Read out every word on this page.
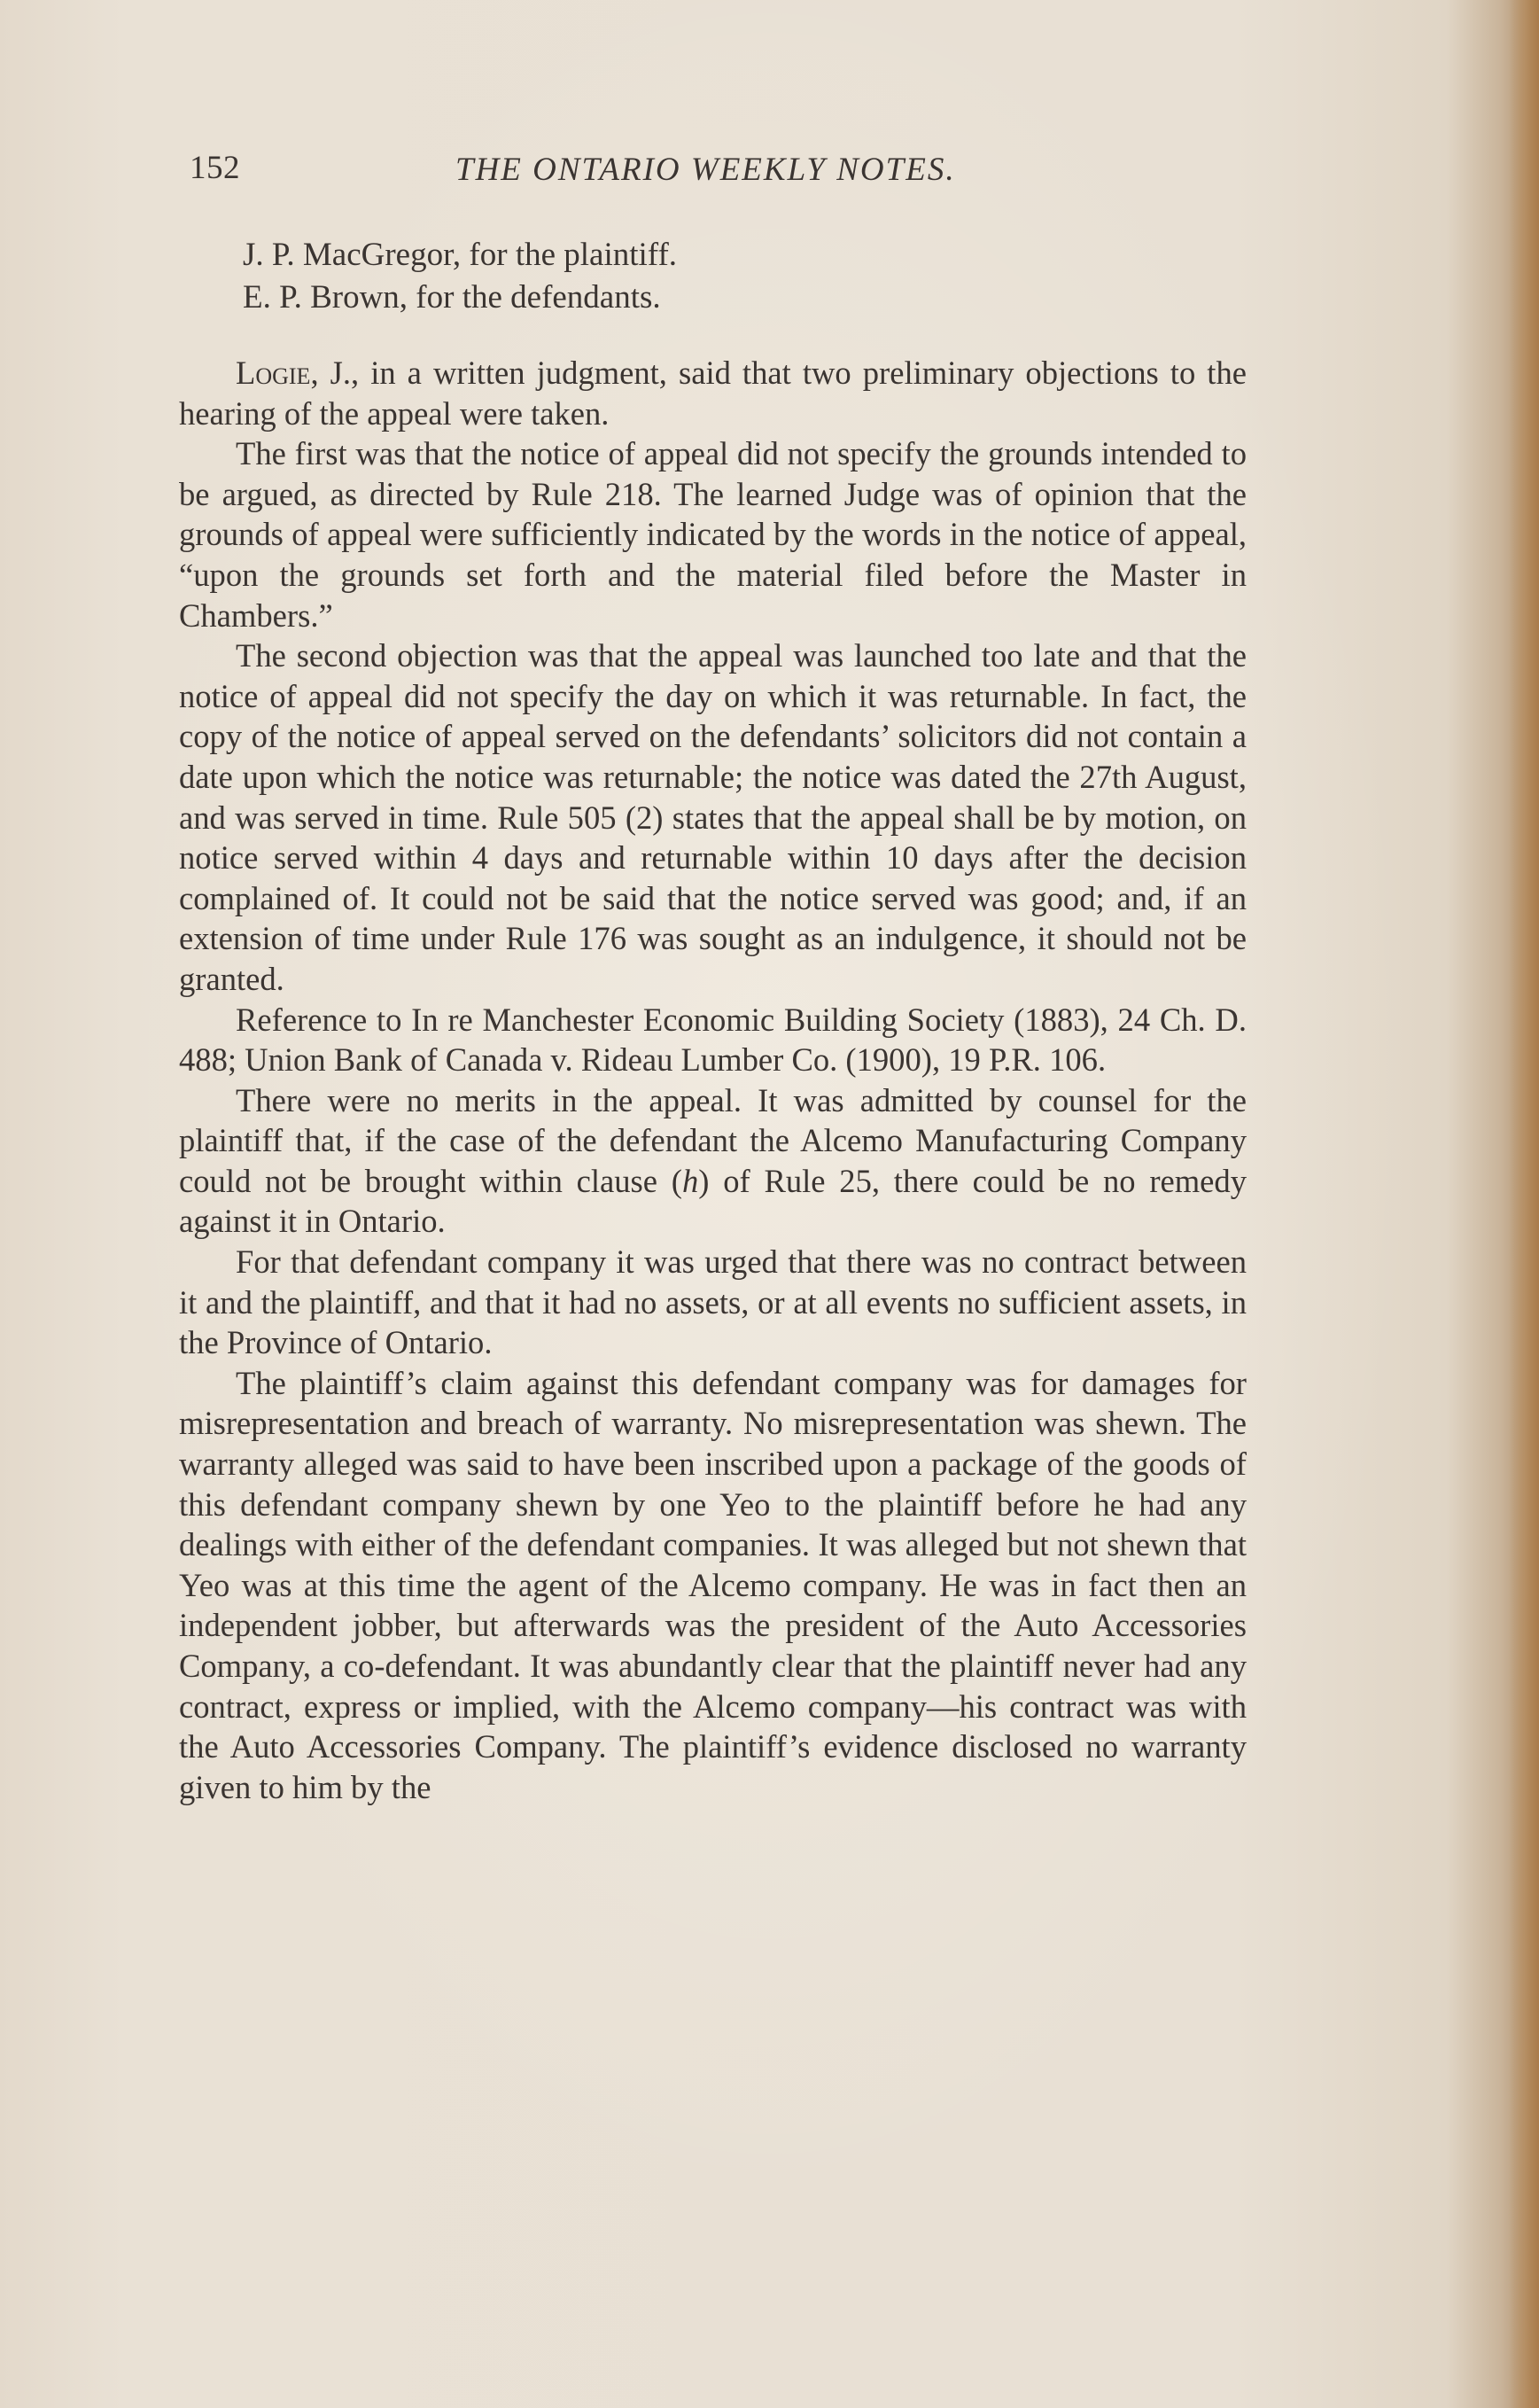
152	THE ONTARIO WEEKLY NOTES.
J. P. MacGregor, for the plaintiff.
E. P. Brown, for the defendants.

Logie, J., in a written judgment, said that two preliminary objections to the hearing of the appeal were taken.

The first was that the notice of appeal did not specify the grounds intended to be argued, as directed by Rule 218. The learned Judge was of opinion that the grounds of appeal were sufficiently indicated by the words in the notice of appeal, “upon the grounds set forth and the material filed before the Master in Chambers.”

The second objection was that the appeal was launched too late and that the notice of appeal did not specify the day on which it was returnable. In fact, the copy of the notice of appeal served on the defendants’ solicitors did not contain a date upon which the notice was returnable; the notice was dated the 27th August, and was served in time. Rule 505 (2) states that the appeal shall be by motion, on notice served within 4 days and returnable within 10 days after the decision complained of. It could not be said that the notice served was good; and, if an extension of time under Rule 176 was sought as an indulgence, it should not be granted.

Reference to In re Manchester Economic Building Society (1883), 24 Ch. D. 488; Union Bank of Canada v. Rideau Lumber Co. (1900), 19 P.R. 106.

There were no merits in the appeal. It was admitted by counsel for the plaintiff that, if the case of the defendant the Alcemo Manufacturing Company could not be brought within clause (h) of Rule 25, there could be no remedy against it in Ontario.

For that defendant company it was urged that there was no contract between it and the plaintiff, and that it had no assets, or at all events no sufficient assets, in the Province of Ontario.

The plaintiff’s claim against this defendant company was for damages for misrepresentation and breach of warranty. No misrepresentation was shewn. The warranty alleged was said to have been inscribed upon a package of the goods of this defendant company shewn by one Yeo to the plaintiff before he had any dealings with either of the defendant companies. It was alleged but not shewn that Yeo was at this time the agent of the Alcemo company. He was in fact then an independent jobber, but afterwards was the president of the Auto Accessories Company, a co-defendant. It was abundantly clear that the plaintiff never had any contract, express or implied, with the Alcemo company—his contract was with the Auto Accessories Company. The plaintiff’s evidence disclosed no warranty given to him by the
